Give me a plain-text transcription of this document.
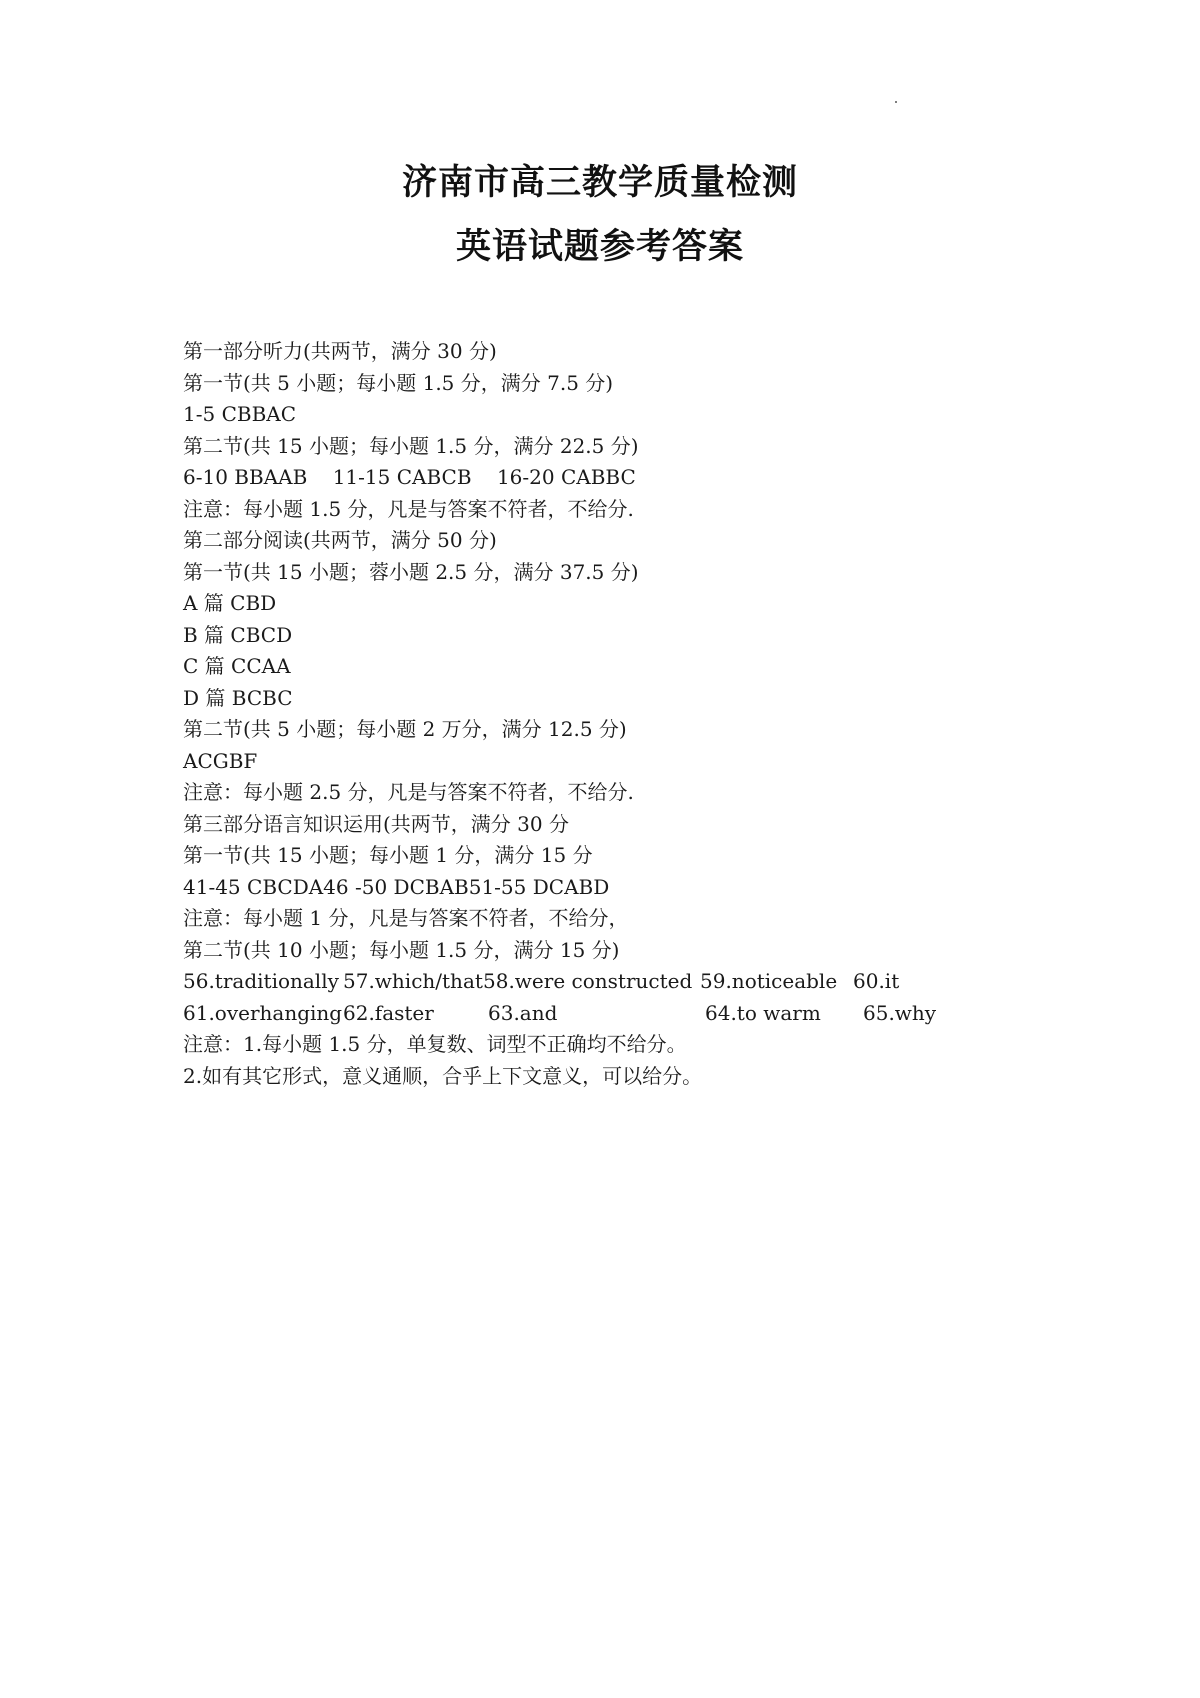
济南市高三教学质量检测
英语试题参考答案
第一部分听力(共两节，满分 30 分)
第一节(共 5 小题；每小题 1.5 分，满分 7.5 分)
1-5 CBBAC
第二节(共 15 小题；每小题 1.5 分，满分 22.5 分)
6-10 BBAAB    11-15 CABCB    16-20 CABBC
注意：每小题 1.5 分，凡是与答案不符者，不给分.
第二部分阅读(共两节，满分 50 分)
第一节(共 15 小题；蓉小题 2.5 分，满分 37.5 分)
A 篇 CBD
B 篇 CBCD
C 篇 CCAA
D 篇 BCBC
第二节(共 5 小题；每小题 2 万分，满分 12.5 分)
ACGBF
注意：每小题 2.5 分，凡是与答案不符者，不给分.
第三部分语言知识运用(共两节，满分 30 分
第一节(共 15 小题；每小题 1 分，满分 15 分
41-45 CBCDA46 -50 DCBAB51-55 DCABD
注意：每小题 1 分，凡是与答案不符者，不给分，
第二节(共 10 小题；每小题 1.5 分，满分 15 分)
56.traditionally 57.which/that 58.were constructed 59.noticeable 60.it
61.overhanging 62.faster	63.and	64.to warm 65.why
注意：1.每小题 1.5 分，单复数、词型不正确均不给分。
2.如有其它形式，意义通顺，合乎上下文意义，可以给分。
